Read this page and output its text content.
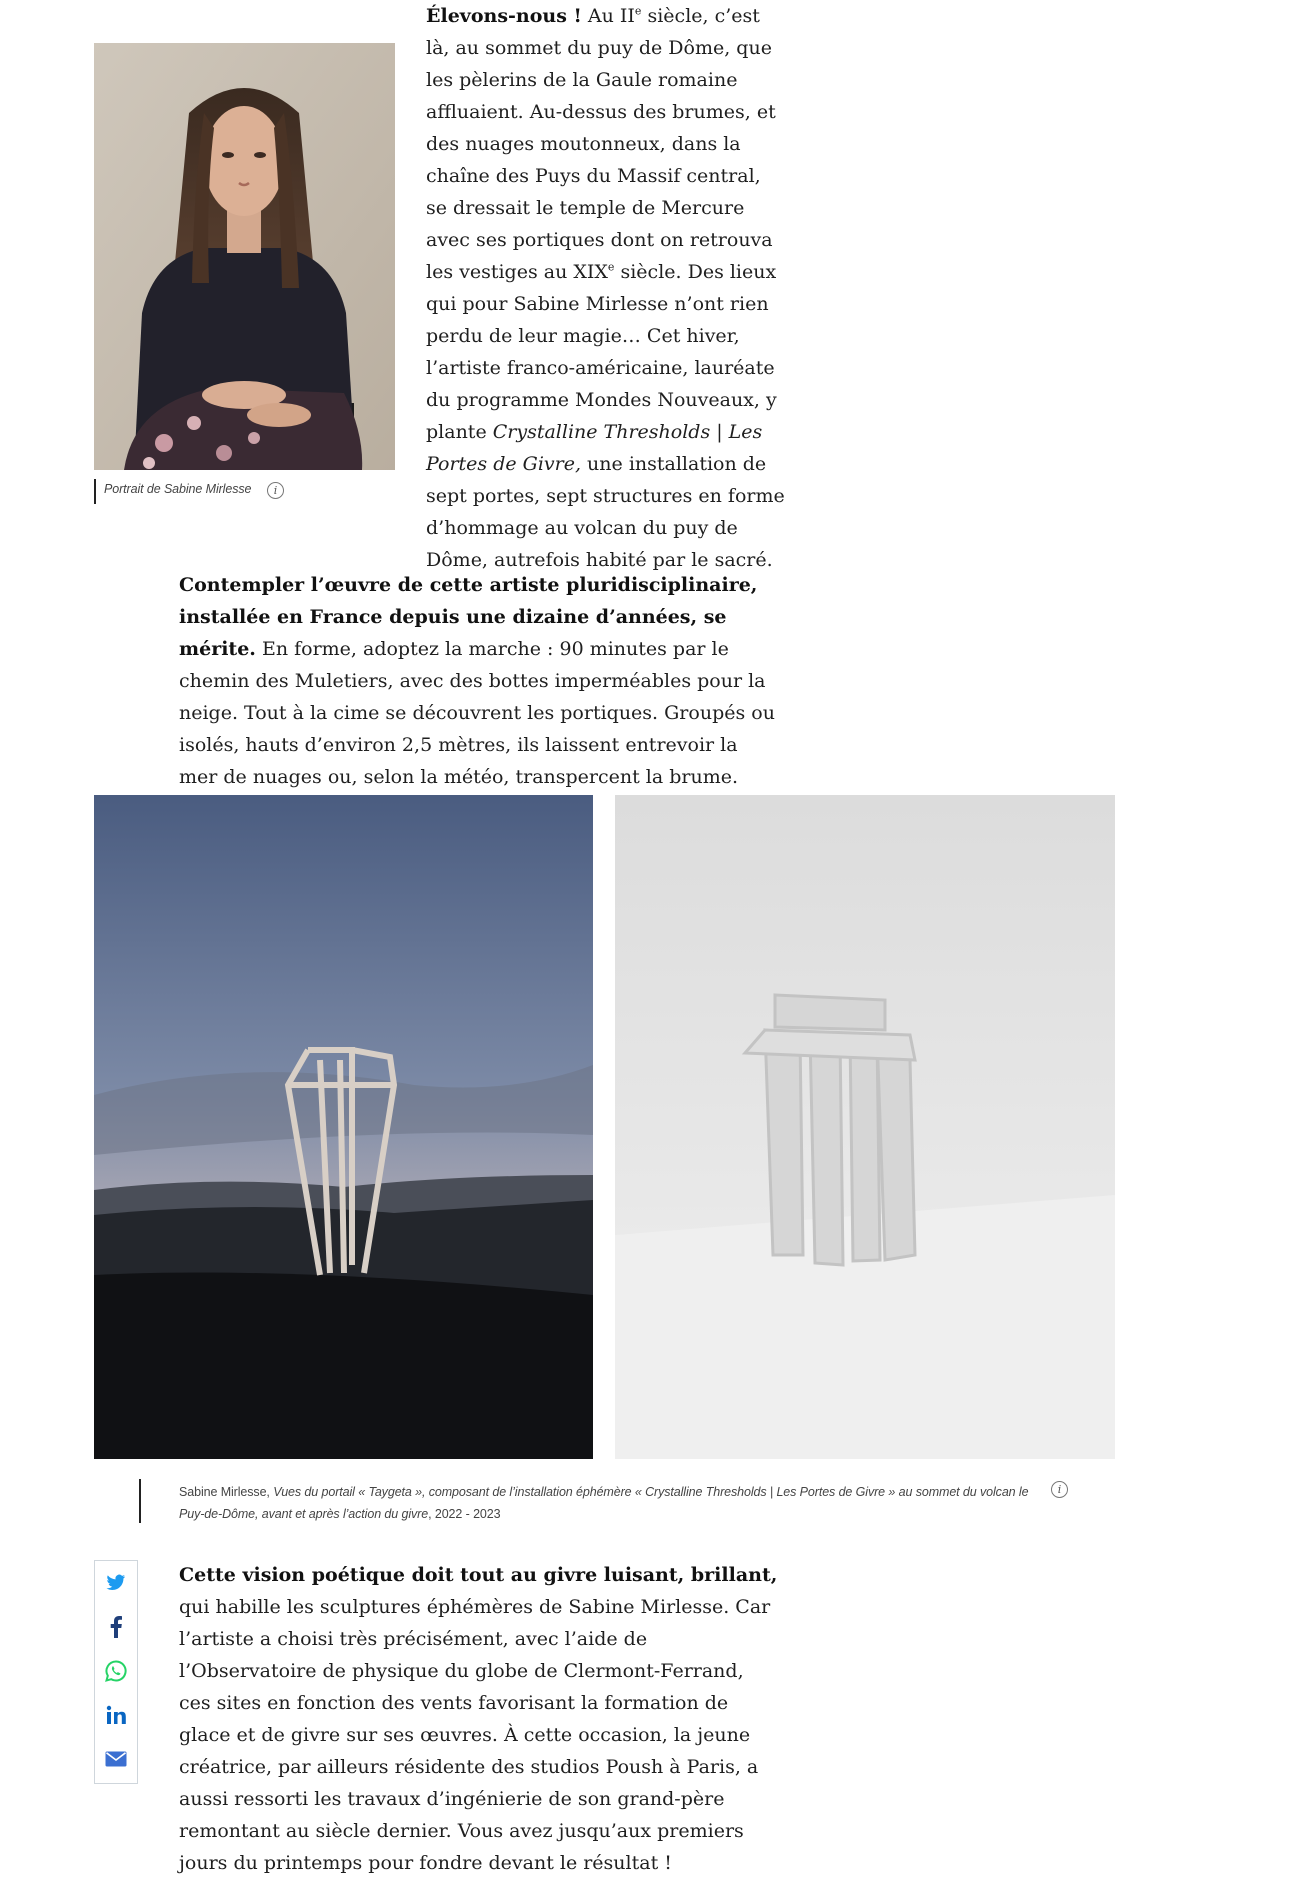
Portrait de Sabine Mirlesse	i

Élevons-nous ! Au IIe siècle, c’est là, au sommet du puy de Dôme, que les pèlerins de la Gaule romaine affluaient. Au-dessus des brumes, et des nuages moutonneux, dans la chaîne des Puys du Massif central, se dressait le temple de Mercure avec ses portiques dont on retrouva les vestiges au XIXe siècle. Des lieux qui pour Sabine Mirlesse n’ont rien perdu de leur magie… Cet hiver, l’artiste franco-américaine, lauréate du programme Mondes Nouveaux, y plante Crystalline Thresholds | Les Portes de Givre, une installation de sept portes, sept structures en forme d’hommage au volcan du puy de Dôme, autrefois habité par le sacré.

Contempler l’œuvre de cette artiste pluridisciplinaire, installée en France depuis une dizaine d’années, se mérite. En forme, adoptez la marche : 90 minutes par le chemin des Muletiers, avec des bottes imperméables pour la neige. Tout à la cime se découvrent les portiques. Groupés ou isolés, hauts d’environ 2,5 mètres, ils laissent entrevoir la mer de nuages ou, selon la météo, transpercent la brume.

Sabine Mirlesse, Vues du portail « Taygeta », composant de l’installation éphémère « Crystalline Thresholds | Les Portes de Givre » au sommet du volcan le Puy-de-Dôme, avant et après l’action du givre, 2022 - 2023
i

Cette vision poétique doit tout au givre luisant, brillant, qui habille les sculptures éphémères de Sabine Mirlesse. Car l’artiste a choisi très précisément, avec l’aide de l’Observatoire de physique du globe de Clermont-Ferrand, ces sites en fonction des vents favorisant la formation de glace et de givre sur ses œuvres. À cette occasion, la jeune créatrice, par ailleurs résidente des studios Poush à Paris, a aussi ressorti les travaux d’ingénierie de son grand-père remontant au siècle dernier. Vous avez jusqu’aux premiers jours du printemps pour fondre devant le résultat !
